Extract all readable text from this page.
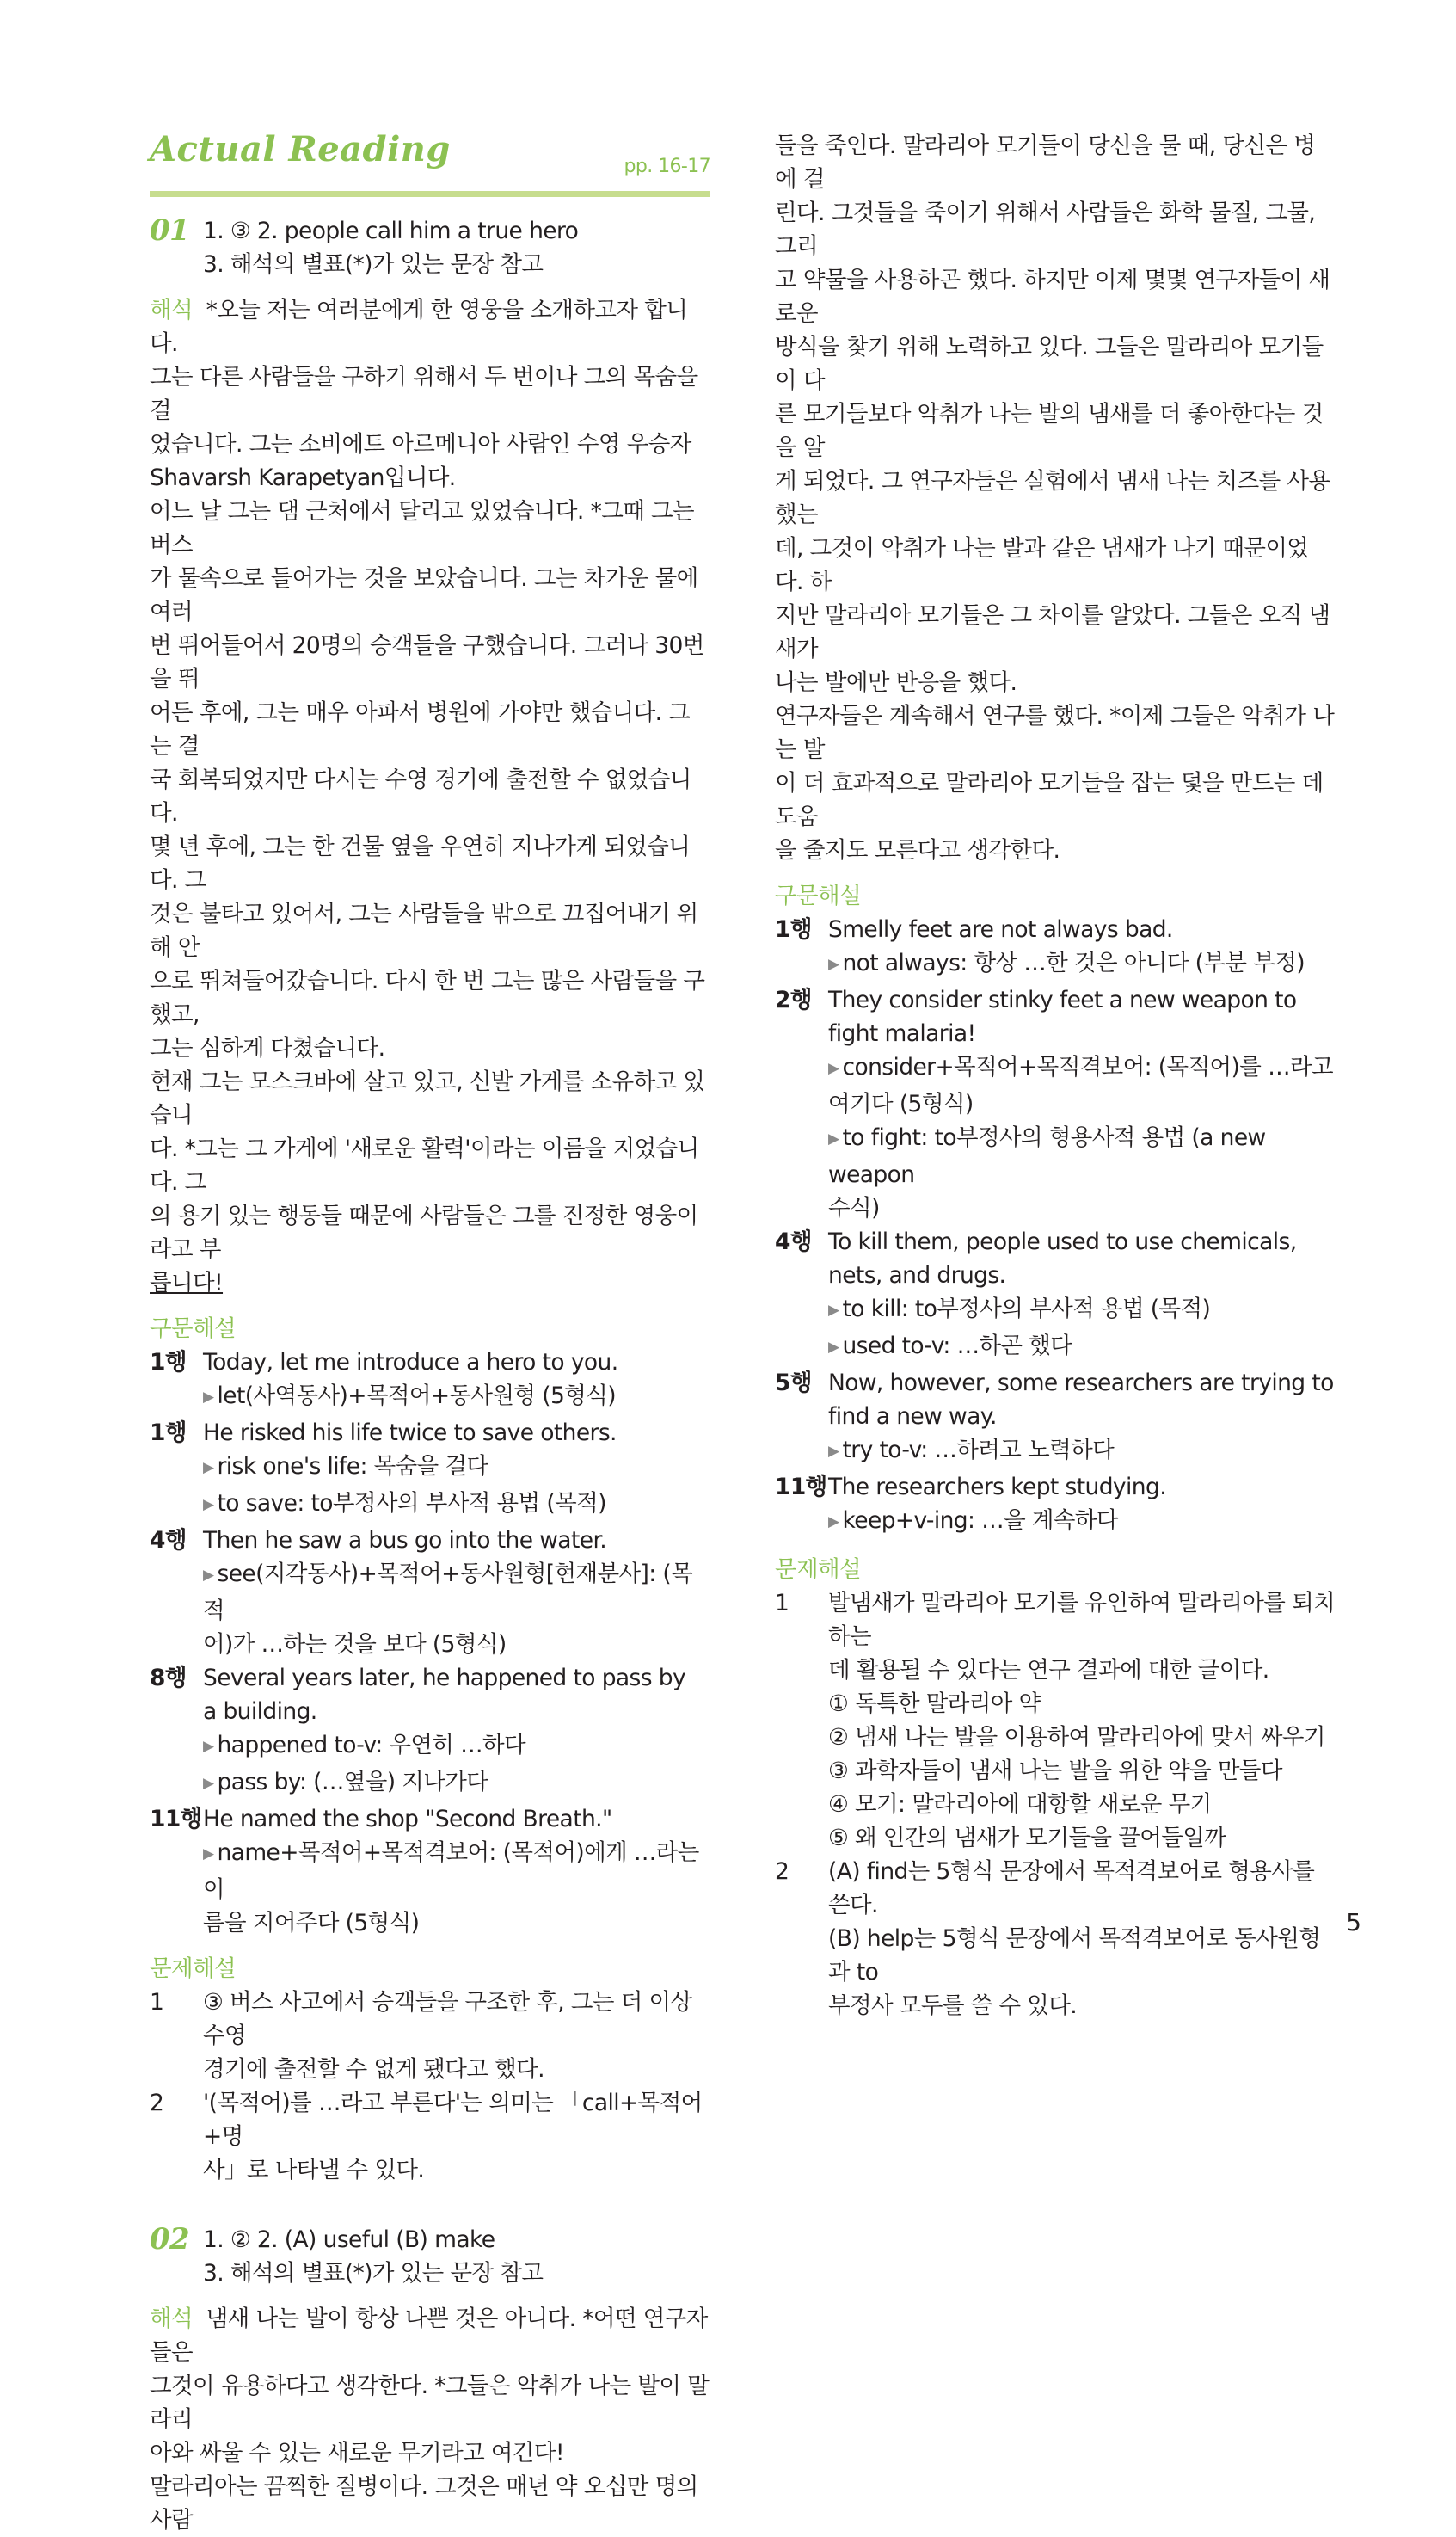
Actual Reading	pp. 16-17
01 1. ③ 2. people call him a true hero
3. 해석의 별표(*)가 있는 문장 참고
해석 *오늘 저는 여러분에게 한 영웅을 소개하고자 합니다.
그는 다른 사람들을 구하기 위해서 두 번이나 그의 목숨을 걸
었습니다. 그는 소비에트 아르메니아 사람인 수영 우승자
Shavarsh Karapetyan입니다.
어느 날 그는 댐 근처에서 달리고 있었습니다. *그때 그는 버스
가 물속으로 들어가는 것을 보았습니다. 그는 차가운 물에 여러
번 뛰어들어서 20명의 승객들을 구했습니다. 그러나 30번을 뛰
어든 후에, 그는 매우 아파서 병원에 가야만 했습니다. 그는 결
국 회복되었지만 다시는 수영 경기에 출전할 수 없었습니다.
몇 년 후에, 그는 한 건물 옆을 우연히 지나가게 되었습니다. 그
것은 불타고 있어서, 그는 사람들을 밖으로 끄집어내기 위해 안
으로 뛰쳐들어갔습니다. 다시 한 번 그는 많은 사람들을 구했고,
그는 심하게 다쳤습니다.
현재 그는 모스크바에 살고 있고, 신발 가게를 소유하고 있습니
다. *그는 그 가게에 '새로운 활력'이라는 이름을 지었습니다. 그
의 용기 있는 행동들 때문에 사람들은 그를 진정한 영웅이라고 부
릅니다!
구문해설
1행 Today, let me introduce a hero to you.
▶ let(사역동사)+목적어+동사원형 (5형식)
1행 He risked his life twice to save others.
▶ risk one's life: 목숨을 걸다
▶ to save: to부정사의 부사적 용법 (목적)
4행 Then he saw a bus go into the water.
▶ see(지각동사)+목적어+동사원형[현재분사]: (목적
어)가 …하는 것을 보다 (5형식)
8행 Several years later, he happened to pass by
a building.
▶ happened to-v: 우연히 …하다
▶ pass by: (…옆을) 지나가다
11행 He named the shop "Second Breath."
▶ name+목적어+목적격보어: (목적어)에게 …라는 이
름을 지어주다 (5형식)
문제해설
1	③ 버스 사고에서 승객들을 구조한 후, 그는 더 이상 수영
경기에 출전할 수 없게 됐다고 했다.
2	'(목적어)를 …라고 부른다'는 의미는 「call+목적어+명
사」로 나타낼 수 있다.
02 1. ② 2. (A) useful (B) make
3. 해석의 별표(*)가 있는 문장 참고
해석 냄새 나는 발이 항상 나쁜 것은 아니다. *어떤 연구자들은
그것이 유용하다고 생각한다. *그들은 악취가 나는 발이 말라리
아와 싸울 수 있는 새로운 무기라고 여긴다!
말라리아는 끔찍한 질병이다. 그것은 매년 약 오십만 명의 사람
들을 죽인다. 말라리아 모기들이 당신을 물 때, 당신은 병에 걸
린다. 그것들을 죽이기 위해서 사람들은 화학 물질, 그물, 그리
고 약물을 사용하곤 했다. 하지만 이제 몇몇 연구자들이 새로운
방식을 찾기 위해 노력하고 있다. 그들은 말라리아 모기들이 다
른 모기들보다 악취가 나는 발의 냄새를 더 좋아한다는 것을 알
게 되었다. 그 연구자들은 실험에서 냄새 나는 치즈를 사용했는
데, 그것이 악취가 나는 발과 같은 냄새가 나기 때문이었다. 하
지만 말라리아 모기들은 그 차이를 알았다. 그들은 오직 냄새가
나는 발에만 반응을 했다.
연구자들은 계속해서 연구를 했다. *이제 그들은 악취가 나는 발
이 더 효과적으로 말라리아 모기들을 잡는 덫을 만드는 데 도움
을 줄지도 모른다고 생각한다.
구문해설
1행 Smelly feet are not always bad.
▶ not always: 항상 …한 것은 아니다 (부분 부정)
2행 They consider stinky feet a new weapon to
fight malaria!
▶ consider+목적어+목적격보어: (목적어)를 …라고
여기다 (5형식)
▶ to fight: to부정사의 형용사적 용법 (a new weapon
수식)
4행 To kill them, people used to use chemicals,
nets, and drugs.
▶ to kill: to부정사의 부사적 용법 (목적)
▶ used to-v: …하곤 했다
5행 Now, however, some researchers are trying to
find a new way.
▶ try to-v: …하려고 노력하다
11행 The researchers kept studying.
▶ keep+v-ing: …을 계속하다
문제해설
1	발냄새가 말라리아 모기를 유인하여 말라리아를 퇴치하는
데 활용될 수 있다는 연구 결과에 대한 글이다.
① 독특한 말라리아 약
② 냄새 나는 발을 이용하여 말라리아에 맞서 싸우기
③ 과학자들이 냄새 나는 발을 위한 약을 만들다
④ 모기: 말라리아에 대항할 새로운 무기
⑤ 왜 인간의 냄새가 모기들을 끌어들일까
2	(A) find는 5형식 문장에서 목적격보어로 형용사를 쓴다.
(B) help는 5형식 문장에서 목적격보어로 동사원형과 to
부정사 모두를 쓸 수 있다.
5
